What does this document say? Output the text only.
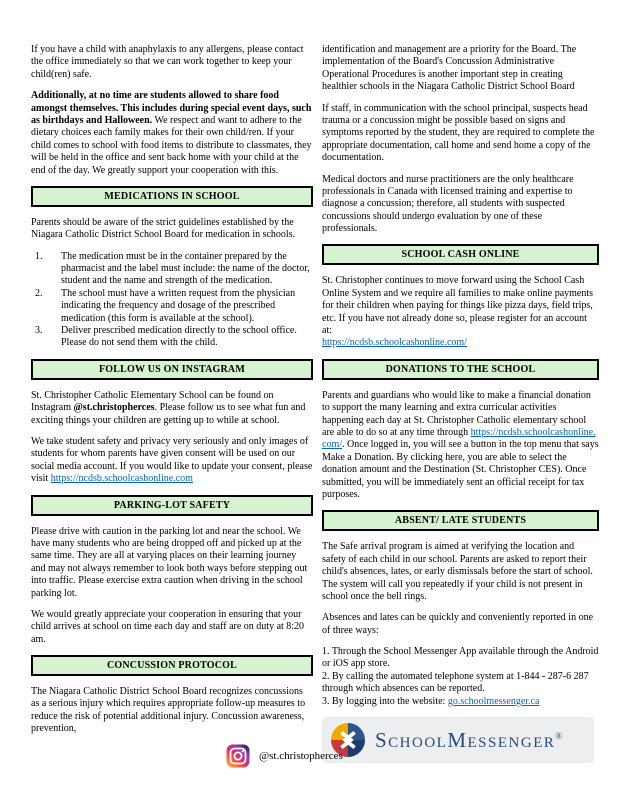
If you have a child with anaphylaxis to any allergens, please contact the office immediately so that we can work together to keep your child(ren) safe.

Additionally, at no time are students allowed to share food amongst themselves. This includes during special event days, such as birthdays and Halloween. We respect and want to adhere to the dietary choices each family makes for their own child/ren. If your child comes to school with food items to distribute to classmates, they will be held in the office and sent back home with your child at the end of the day. We greatly support your cooperation with this.

MEDICATIONS IN SCHOOL

Parents should be aware of the strict guidelines established by the Niagara Catholic District School Board for medication in schools.

1.	The medication must be in the container prepared by the pharmacist and the label must include: the name of the doctor, student and the name and strength of the medication.
2.	The school must have a written request from the physician indicating the frequency and dosage of the prescribed medication (this form is available at the school).
3.	Deliver prescribed medication directly to the school office. Please do not send them with the child.
FOLLOW US ON INSTAGRAM

St. Christopher Catholic Elementary School can be found on Instagram @st.christopherces. Please follow us to see what fun and exciting things your children are getting up to while at school.

We take student safety and privacy very seriously and only images of students for whom parents have given consent will be used on our social media account. If you would like to update your consent, please visit https://ncdsb.schoolcashonline.com

PARKING-LOT SAFETY

Please drive with caution in the parking lot and near the school. We have many students who are being dropped off and picked up at the same time. They are all at varying places on their learning journey and may not always remember to look both ways before stepping out into traffic. Please exercise extra caution when driving in the school parking lot.

We would greatly appreciate your cooperation in ensuring that your child arrives at school on time each day and staff are on duty at 8:20 am.

CONCUSSION PROTOCOL

The Niagara Catholic District School Board recognizes concussions as a serious injury which requires appropriate follow-up measures to reduce the risk of potential additional injury. Concussion awareness, prevention,

identification and management are a priority for the Board. The implementation of the Board's Concussion Administrative Operational Procedures is another important step in creating healthier schools in the Niagara Catholic District School Board

If staff, in communication with the school principal, suspects head trauma or a concussion might be possible based on signs and symptoms reported by the student, they are required to complete the appropriate documentation, call home and send home a copy of the documentation.

Medical doctors and nurse practitioners are the only healthcare professionals in Canada with licensed training and expertise to diagnose a concussion; therefore, all students with suspected concussions should undergo evaluation by one of these professionals.

SCHOOL CASH ONLINE

St. Christopher continues to move forward using the School Cash Online System and we require all families to make online payments for their children when paying for things like pizza days, field trips, etc. If you have not already done so, please register for an account at:
https://ncdsb.schoolcashonline.com/

DONATIONS TO THE SCHOOL

Parents and guardians who would like to make a financial donation to support the many learning and extra curricular activities happening each day at St. Christopher Catholic elementary school are able to do so at any time through https://ncdsb.schoolcashonline.com/. Once logged in, you will see a button in the top menu that says Make a Donation. By clicking here, you are able to select the donation amount and the Destination (St. Christopher CES). Once submitted, you will be immediately sent an official receipt for tax purposes.

ABSENT/ LATE STUDENTS

The Safe arrival program is aimed at verifying the location and safety of each child in our school. Parents are asked to report their child's absences, lates, or early dismissals before the start of school. The system will call you repeatedly if your child is not present in school once the bell rings.

Absences and lates can be quickly and conveniently reported in one of three ways:

1. Through the School Messenger App available through the Android or iOS app store.

2. By calling the automated telephone system at 1-844 - 287-6 287 through which absences can be reported.

3. By logging into the website: go.schoolmessenger.ca

SchoolMessenger®
@st.christopherces
